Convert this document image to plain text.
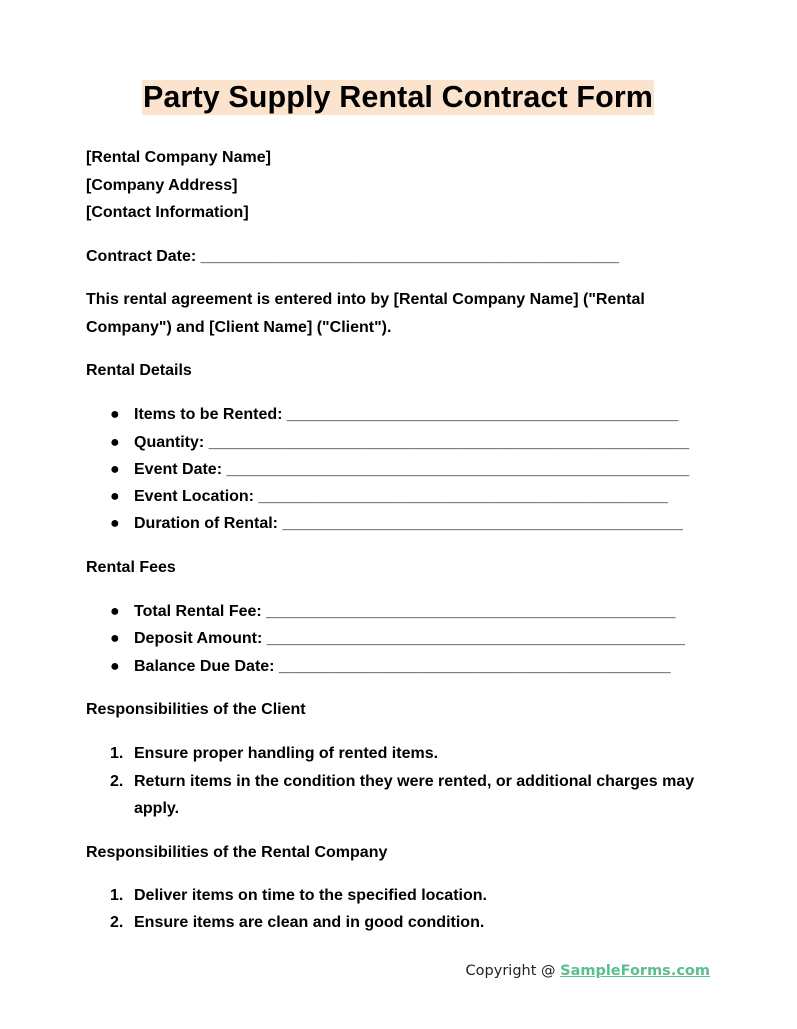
Party Supply Rental Contract Form
[Rental Company Name]
[Company Address]
[Contact Information]
Contract Date: _______________________________________________
This rental agreement is entered into by [Rental Company Name] ("Rental Company") and [Client Name] ("Client").
Rental Details
● Items to be Rented: ____________________________________________
● Quantity: ______________________________________________________
● Event Date: ____________________________________________________
● Event Location: ______________________________________________
● Duration of Rental: _____________________________________________
Rental Fees
● Total Rental Fee: ______________________________________________
● Deposit Amount: _______________________________________________
● Balance Due Date: ____________________________________________
Responsibilities of the Client
1. Ensure proper handling of rented items.
2. Return items in the condition they were rented, or additional charges may apply.
Responsibilities of the Rental Company
1. Deliver items on time to the specified location.
2. Ensure items are clean and in good condition.
Copyright @ SampleForms.com
